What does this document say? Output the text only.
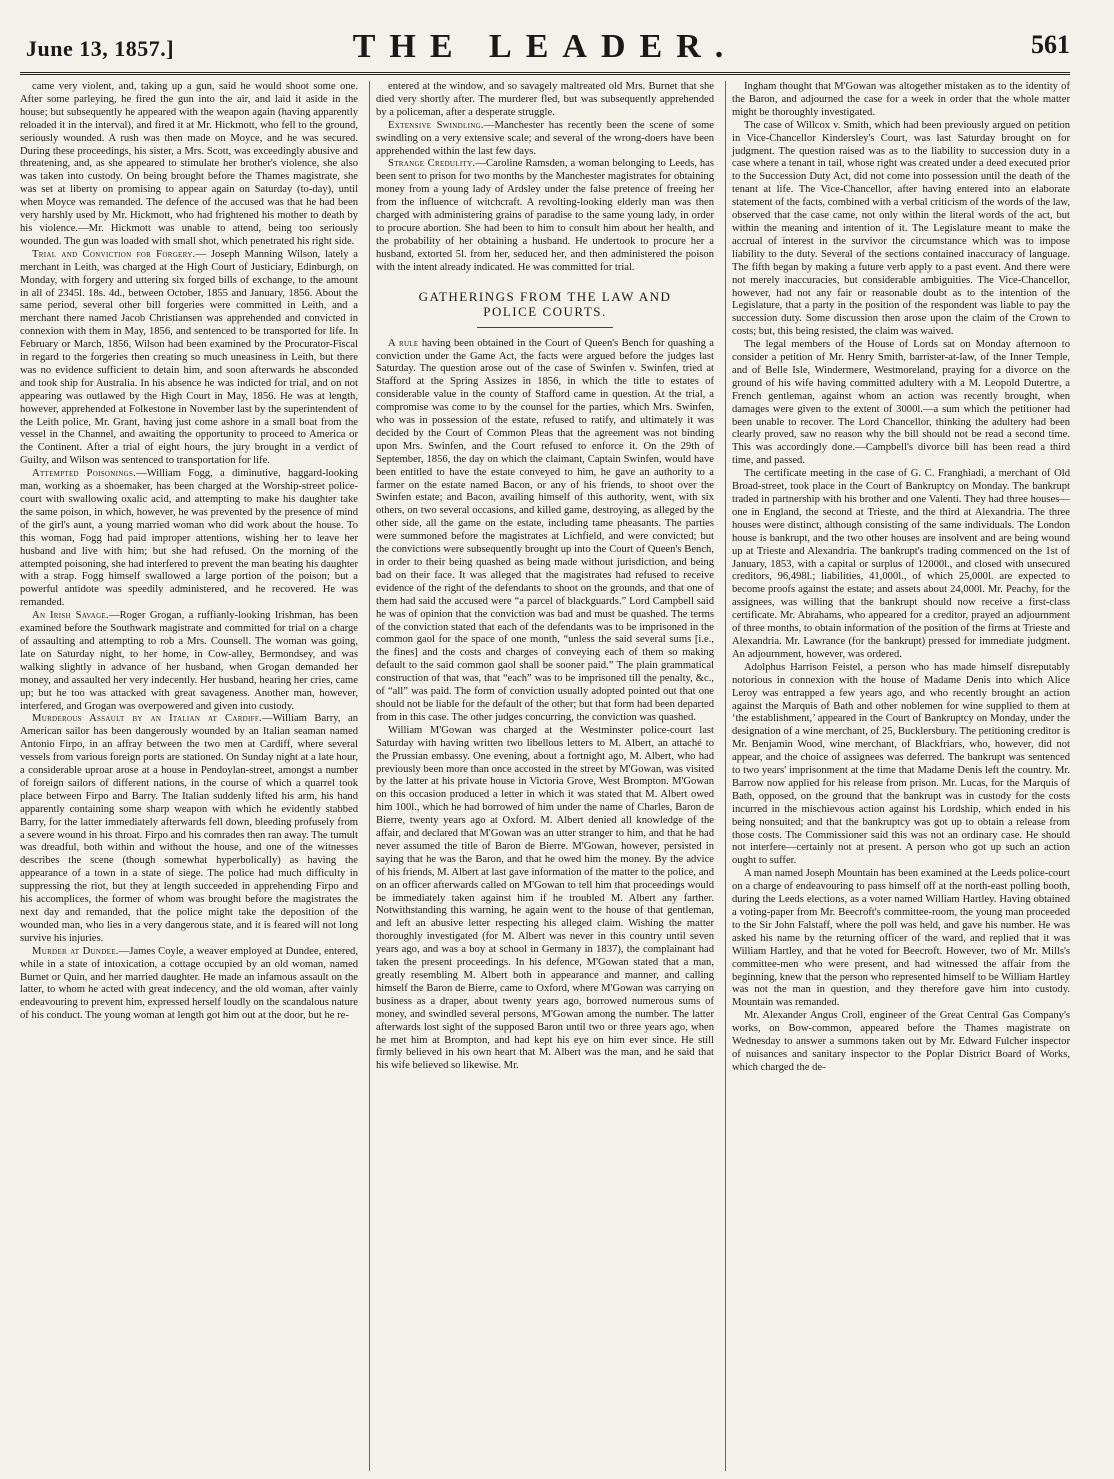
June 13, 1857.]	THE LEADER.	561

came very violent, and, taking up a gun, said he would shoot some one. After some parleying, he fired the gun into the air, and laid it aside in the house; but subsequently he appeared with the weapon again (having apparently reloaded it in the interval), and fired it at Mr. Hickmott, who fell to the ground, seriously wounded. A rush was then made on Moyce, and he was secured. During these proceedings, his sister, a Mrs. Scott, was exceedingly abusive and threatening, and, as she appeared to stimulate her brother's violence, she also was taken into custody. On being brought before the Thames magistrate, she was set at liberty on promising to appear again on Saturday (to-day), until when Moyce was remanded. The defence of the accused was that he had been very harshly used by Mr. Hickmott, who had frightened his mother to death by his violence.—Mr. Hickmott was unable to attend, being too seriously wounded. The gun was loaded with small shot, which penetrated his right side.

Trial and Conviction for Forgery.— Joseph Manning Wilson, lately a merchant in Leith, was charged at the High Court of Justiciary, Edinburgh, on Monday, with forgery and uttering six forged bills of exchange, to the amount in all of 2345l. 18s. 4d., between October, 1855 and January, 1856. About the same period, several other bill forgeries were committed in Leith, and a merchant there named Jacob Christiansen was apprehended and convicted in connexion with them in May, 1856, and sentenced to be transported for life. In February or March, 1856, Wilson had been examined by the Procurator-Fiscal in regard to the forgeries then creating so much uneasiness in Leith, but there was no evidence sufficient to detain him, and soon afterwards he absconded and took ship for Australia. In his absence he was indicted for trial, and on not appearing was outlawed by the High Court in May, 1856. He was at length, however, apprehended at Folkestone in November last by the superintendent of the Leith police, Mr. Grant, having just come ashore in a small boat from the vessel in the Channel, and awaiting the opportunity to proceed to America or the Continent. After a trial of eight hours, the jury brought in a verdict of Guilty, and Wilson was sentenced to transportation for life.

Attempted Poisonings.—William Fogg, a diminutive, haggard-looking man, working as a shoemaker, has been charged at the Worship-street police-court with swallowing oxalic acid, and attempting to make his daughter take the same poison, in which, however, he was prevented by the presence of mind of the girl's aunt, a young married woman who did work about the house. To this woman, Fogg had paid improper attentions, wishing her to leave her husband and live with him; but she had refused. On the morning of the attempted poisoning, she had interfered to prevent the man beating his daughter with a strap. Fogg himself swallowed a large portion of the poison; but a powerful antidote was speedily administered, and he recovered. He was remanded.

An Irish Savage.—Roger Grogan, a ruffianly-looking Irishman, has been examined before the Southwark magistrate and committed for trial on a charge of assaulting and attempting to rob a Mrs. Counsell. The woman was going, late on Saturday night, to her home, in Cow-alley, Bermondsey, and was walking slightly in advance of her husband, when Grogan demanded her money, and assaulted her very indecently. Her husband, hearing her cries, came up; but he too was attacked with great savageness. Another man, however, interfered, and Grogan was overpowered and given into custody.

Murderous Assault by an Italian at Cardiff.—William Barry, an American sailor has been dangerously wounded by an Italian seaman named Antonio Firpo, in an affray between the two men at Cardiff, where several vessels from various foreign ports are stationed. On Sunday night at a late hour, a considerable uproar arose at a house in Pendoylan-street, amongst a number of foreign sailors of different nations, in the course of which a quarrel took place between Firpo and Barry. The Italian suddenly lifted his arm, his hand apparently containing some sharp weapon with which he evidently stabbed Barry, for the latter immediately afterwards fell down, bleeding profusely from a severe wound in his throat. Firpo and his comrades then ran away. The tumult was dreadful, both within and without the house, and one of the witnesses describes the scene (though somewhat hyperbolically) as having the appearance of a town in a state of siege. The police had much difficulty in suppressing the riot, but they at length succeeded in apprehending Firpo and his accomplices, the former of whom was brought before the magistrates the next day and remanded, that the police might take the deposition of the wounded man, who lies in a very dangerous state, and it is feared will not long survive his injuries.

Murder at Dundee.—James Coyle, a weaver employed at Dundee, entered, while in a state of intoxication, a cottage occupied by an old woman, named Burnet or Quin, and her married daughter. He made an infamous assault on the latter, to whom he acted with great indecency, and the old woman, after vainly endeavouring to prevent him, expressed herself loudly on the scandalous nature of his conduct. The young woman at length got him out at the door, but he re-

entered at the window, and so savagely maltreated old Mrs. Burnet that she died very shortly after. The murderer fled, but was subsequently apprehended by a policeman, after a desperate struggle.

Extensive Swindling.—Manchester has recently been the scene of some swindling on a very extensive scale; and several of the wrong-doers have been apprehended within the last few days.

Strange Credulity.—Caroline Ramsden, a woman belonging to Leeds, has been sent to prison for two months by the Manchester magistrates for obtaining money from a young lady of Ardsley under the false pretence of freeing her from the influence of witchcraft. A revolting-looking elderly man was then charged with administering grains of paradise to the same young lady, in order to procure abortion. She had been to him to consult him about her health, and the probability of her obtaining a husband. He undertook to procure her a husband, extorted 5l. from her, seduced her, and then administered the poison with the intent already indicated. He was committed for trial.

GATHERINGS FROM THE LAW AND
POLICE COURTS.

A rule having been obtained in the Court of Queen's Bench for quashing a conviction under the Game Act, the facts were argued before the judges last Saturday. The question arose out of the case of Swinfen v. Swinfen, tried at Stafford at the Spring Assizes in 1856, in which the title to estates of considerable value in the county of Stafford came in question. At the trial, a compromise was come to by the counsel for the parties, which Mrs. Swinfen, who was in possession of the estate, refused to ratify, and ultimately it was decided by the Court of Common Pleas that the agreement was not binding upon Mrs. Swinfen, and the Court refused to enforce it. On the 29th of September, 1856, the day on which the claimant, Captain Swinfen, would have been entitled to have the estate conveyed to him, he gave an authority to a farmer on the estate named Bacon, or any of his friends, to shoot over the Swinfen estate; and Bacon, availing himself of this authority, went, with six others, on two several occasions, and killed game, destroying, as alleged by the other side, all the game on the estate, including tame pheasants. The parties were summoned before the magistrates at Lichfield, and were convicted; but the convictions were subsequently brought up into the Court of Queen's Bench, in order to their being quashed as being made without jurisdiction, and being bad on their face. It was alleged that the magistrates had refused to receive evidence of the right of the defendants to shoot on the grounds, and that one of them had said the accused were “a parcel of blackguards.” Lord Campbell said he was of opinion that the conviction was bad and must be quashed. The terms of the conviction stated that each of the defendants was to be imprisoned in the common gaol for the space of one month, “unless the said several sums [i.e., the fines] and the costs and charges of conveying each of them so making default to the said common gaol shall be sooner paid.” The plain grammatical construction of that was, that “each” was to be imprisoned till the penalty, &c., of “all” was paid. The form of conviction usually adopted pointed out that one should not be liable for the default of the other; but that form had been departed from in this case. The other judges concurring, the conviction was quashed.

William M'Gowan was charged at the Westminster police-court last Saturday with having written two libellous letters to M. Albert, an attaché to the Prussian embassy. One evening, about a fortnight ago, M. Albert, who had previously been more than once accosted in the street by M'Gowan, was visited by the latter at his private house in Victoria Grove, West Brompton. M'Gowan on this occasion produced a letter in which it was stated that M. Albert owed him 100l., which he had borrowed of him under the name of Charles, Baron de Bierre, twenty years ago at Oxford. M. Albert denied all knowledge of the affair, and declared that M'Gowan was an utter stranger to him, and that he had never assumed the title of Baron de Bierre. M'Gowan, however, persisted in saying that he was the Baron, and that he owed him the money. By the advice of his friends, M. Albert at last gave information of the matter to the police, and on an officer afterwards called on M'Gowan to tell him that proceedings would be immediately taken against him if he troubled M. Albert any farther. Notwithstanding this warning, he again went to the house of that gentleman, and left an abusive letter respecting his alleged claim. Wishing the matter thoroughly investigated (for M. Albert was never in this country until seven years ago, and was a boy at school in Germany in 1837), the complainant had taken the present proceedings. In his defence, M'Gowan stated that a man, greatly resembling M. Albert both in appearance and manner, and calling himself the Baron de Bierre, came to Oxford, where M'Gowan was carrying on business as a draper, about twenty years ago, borrowed numerous sums of money, and swindled several persons, M'Gowan among the number. The latter afterwards lost sight of the supposed Baron until two or three years ago, when he met him at Brompton, and had kept his eye on him ever since. He still firmly believed in his own heart that M. Albert was the man, and he said that his wife believed so likewise. Mr.

Ingham thought that M'Gowan was altogether mistaken as to the identity of the Baron, and adjourned the case for a week in order that the whole matter might be thoroughly investigated.

The case of Willcox v. Smith, which had been previously argued on petition in Vice-Chancellor Kindersley's Court, was last Saturday brought on for judgment. The question raised was as to the liability to succession duty in a case where a tenant in tail, whose right was created under a deed executed prior to the Succession Duty Act, did not come into possession until the death of the tenant at life. The Vice-Chancellor, after having entered into an elaborate statement of the facts, combined with a verbal criticism of the words of the law, observed that the case came, not only within the literal words of the act, but within the meaning and intention of it. The Legislature meant to make the accrual of interest in the survivor the circumstance which was to impose liability to the duty. Several of the sections contained inaccuracy of language. The fifth began by making a future verb apply to a past event. And there were not merely inaccuracies, but considerable ambiguities. The Vice-Chancellor, however, had not any fair or reasonable doubt as to the intention of the Legislature, that a party in the position of the respondent was liable to pay the succession duty. Some discussion then arose upon the claim of the Crown to costs; but, this being resisted, the claim was waived.

The legal members of the House of Lords sat on Monday afternoon to consider a petition of Mr. Henry Smith, barrister-at-law, of the Inner Temple, and of Belle Isle, Windermere, Westmoreland, praying for a divorce on the ground of his wife having committed adultery with a M. Leopold Dutertre, a French gentleman, against whom an action was recently brought, when damages were given to the extent of 3000l.—a sum which the petitioner had been unable to recover. The Lord Chancellor, thinking the adultery had been clearly proved, saw no reason why the bill should not be read a second time. This was accordingly done.—Campbell's divorce bill has been read a third time, and passed.

The certificate meeting in the case of G. C. Franghiadi, a merchant of Old Broad-street, took place in the Court of Bankruptcy on Monday. The bankrupt traded in partnership with his brother and one Valenti. They had three houses—one in England, the second at Trieste, and the third at Alexandria. The three houses were distinct, although consisting of the same individuals. The London house is bankrupt, and the two other houses are insolvent and are being wound up at Trieste and Alexandria. The bankrupt's trading commenced on the 1st of January, 1853, with a capital or surplus of 12000l., and closed with unsecured creditors, 96,498l.; liabilities, 41,000l., of which 25,000l. are expected to become proofs against the estate; and assets about 24,000l. Mr. Peachy, for the assignees, was willing that the bankrupt should now receive a first-class certificate. Mr. Abrahams, who appeared for a creditor, prayed an adjournment of three months, to obtain information of the position of the firms at Trieste and Alexandria. Mr. Lawrance (for the bankrupt) pressed for immediate judgment. An adjournment, however, was ordered.

Adolphus Harrison Feistel, a person who has made himself disreputably notorious in connexion with the house of Madame Denis into which Alice Leroy was entrapped a few years ago, and who recently brought an action against the Marquis of Bath and other noblemen for wine supplied to them at ‘the establishment,’ appeared in the Court of Bankruptcy on Monday, under the designation of a wine merchant, of 25, Bucklersbury. The petitioning creditor is Mr. Benjamin Wood, wine merchant, of Blackfriars, who, however, did not appear, and the choice of assignees was deferred. The bankrupt was sentenced to two years' imprisonment at the time that Madame Denis left the country. Mr. Barrow now applied for his release from prison. Mr. Lucas, for the Marquis of Bath, opposed, on the ground that the bankrupt was in custody for the costs incurred in the mischievous action against his Lordship, which ended in his being nonsuited; and that the bankruptcy was got up to obtain a release from those costs. The Commissioner said this was not an ordinary case. He should not interfere—certainly not at present. A person who got up such an action ought to suffer.

A man named Joseph Mountain has been examined at the Leeds police-court on a charge of endeavouring to pass himself off at the north-east polling booth, during the Leeds elections, as a voter named William Hartley. Having obtained a voting-paper from Mr. Beecroft's committee-room, the young man proceeded to the Sir John Falstaff, where the poll was held, and gave his number. He was asked his name by the returning officer of the ward, and replied that it was William Hartley, and that he voted for Beecroft. However, two of Mr. Mills's committee-men who were present, and had witnessed the affair from the beginning, knew that the person who represented himself to be William Hartley was not the man in question, and they therefore gave him into custody. Mountain was remanded.

Mr. Alexander Angus Croll, engineer of the Great Central Gas Company's works, on Bow-common, appeared before the Thames magistrate on Wednesday to answer a summons taken out by Mr. Edward Fulcher inspector of nuisances and sanitary inspector to the Poplar District Board of Works, which charged the de-
